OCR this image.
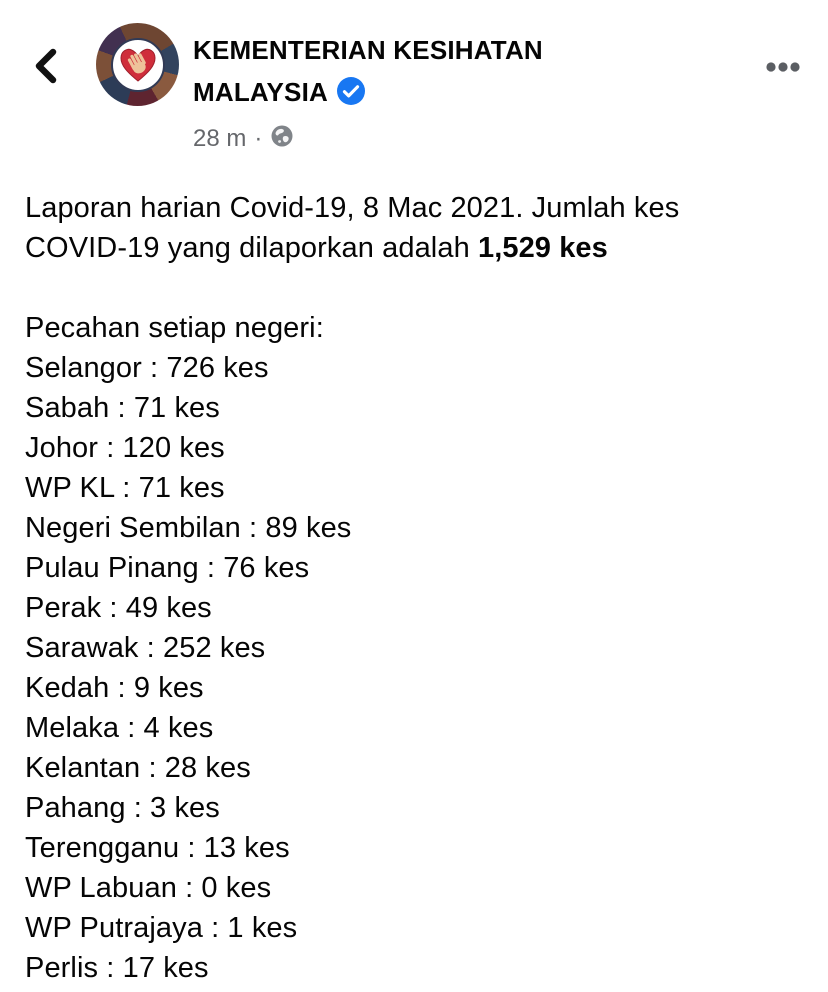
KEMENTERIAN KESIHATAN MALAYSIA
28 m ·
Laporan harian Covid-19, 8 Mac 2021. Jumlah kes
COVID-19 yang dilaporkan adalah 1,529 kes
Pecahan setiap negeri:
Selangor : 726 kes
Sabah : 71 kes
Johor : 120 kes
WP KL : 71 kes
Negeri Sembilan : 89 kes
Pulau Pinang : 76 kes
Perak : 49 kes
Sarawak : 252 kes
Kedah : 9 kes
Melaka : 4 kes
Kelantan : 28 kes
Pahang : 3 kes
Terengganu : 13 kes
WP Labuan : 0 kes
WP Putrajaya : 1 kes
Perlis : 17 kes
